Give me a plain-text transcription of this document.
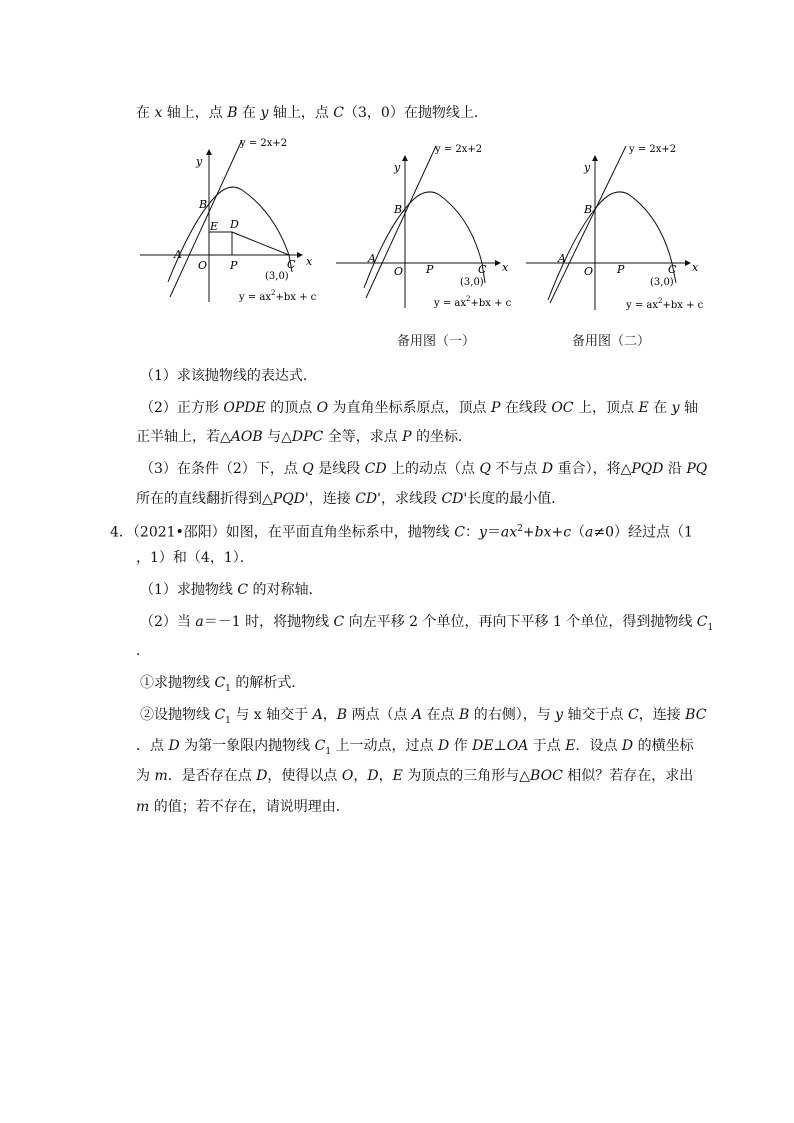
在 x 轴上，点 B 在 y 轴上，点 C（3，0）在抛物线上．
y = 2x+2
y
x
B
E D
A
O P	C
(3,0)
$y = ax^2+bx + c$
y = 2x+2
y
x
B
A
O P	C
(3,0)
$y = ax^2+bx + c$
y = 2x+2
y
x
B
A
O P	C
(3,0)
$y = ax^2+bx + c$
备用图（一）	备用图（二）
（1）求该抛物线的表达式．
（2）正方形 OPDE 的顶点 O 为直角坐标系原点，顶点 P 在线段 OC 上，顶点 E 在 y 轴
正半轴上，若△AOB 与△DPC 全等，求点 P 的坐标．
（3）在条件（2）下，点 Q 是线段 CD 上的动点（点 Q 不与点 D 重合），将△PQD 沿 PQ
所在的直线翻折得到△PQD'，连接 CD'，求线段 CD'长度的最小值．
4．（2021•邵阳）如图，在平面直角坐标系中，抛物线 C：$y=ax^2+bx+c(a\ne 0)$经过点（1
，1）和（4，1）．
（1）求抛物线 C 的对称轴．
（2）当 a＝－1 时，将抛物线 C 向左平移 2 个单位，再向下平移 1 个单位，得到抛物线 $C_1$
．
①求抛物线 $C_1$ 的解析式．
②设抛物线 $C_1$ 与 x 轴交于 A，B 两点（点 A 在点 B 的右侧），与 y 轴交于点 C，连接 BC
．点 D 为第一象限内抛物线 $C_1$ 上一动点，过点 D 作 DE⊥OA 于点 E．设点 D 的横坐标
为 m．是否存在点 D，使得以点 O，D，E 为顶点的三角形与△BOC 相似？若存在，求出
m 的值；若不存在，请说明理由．
